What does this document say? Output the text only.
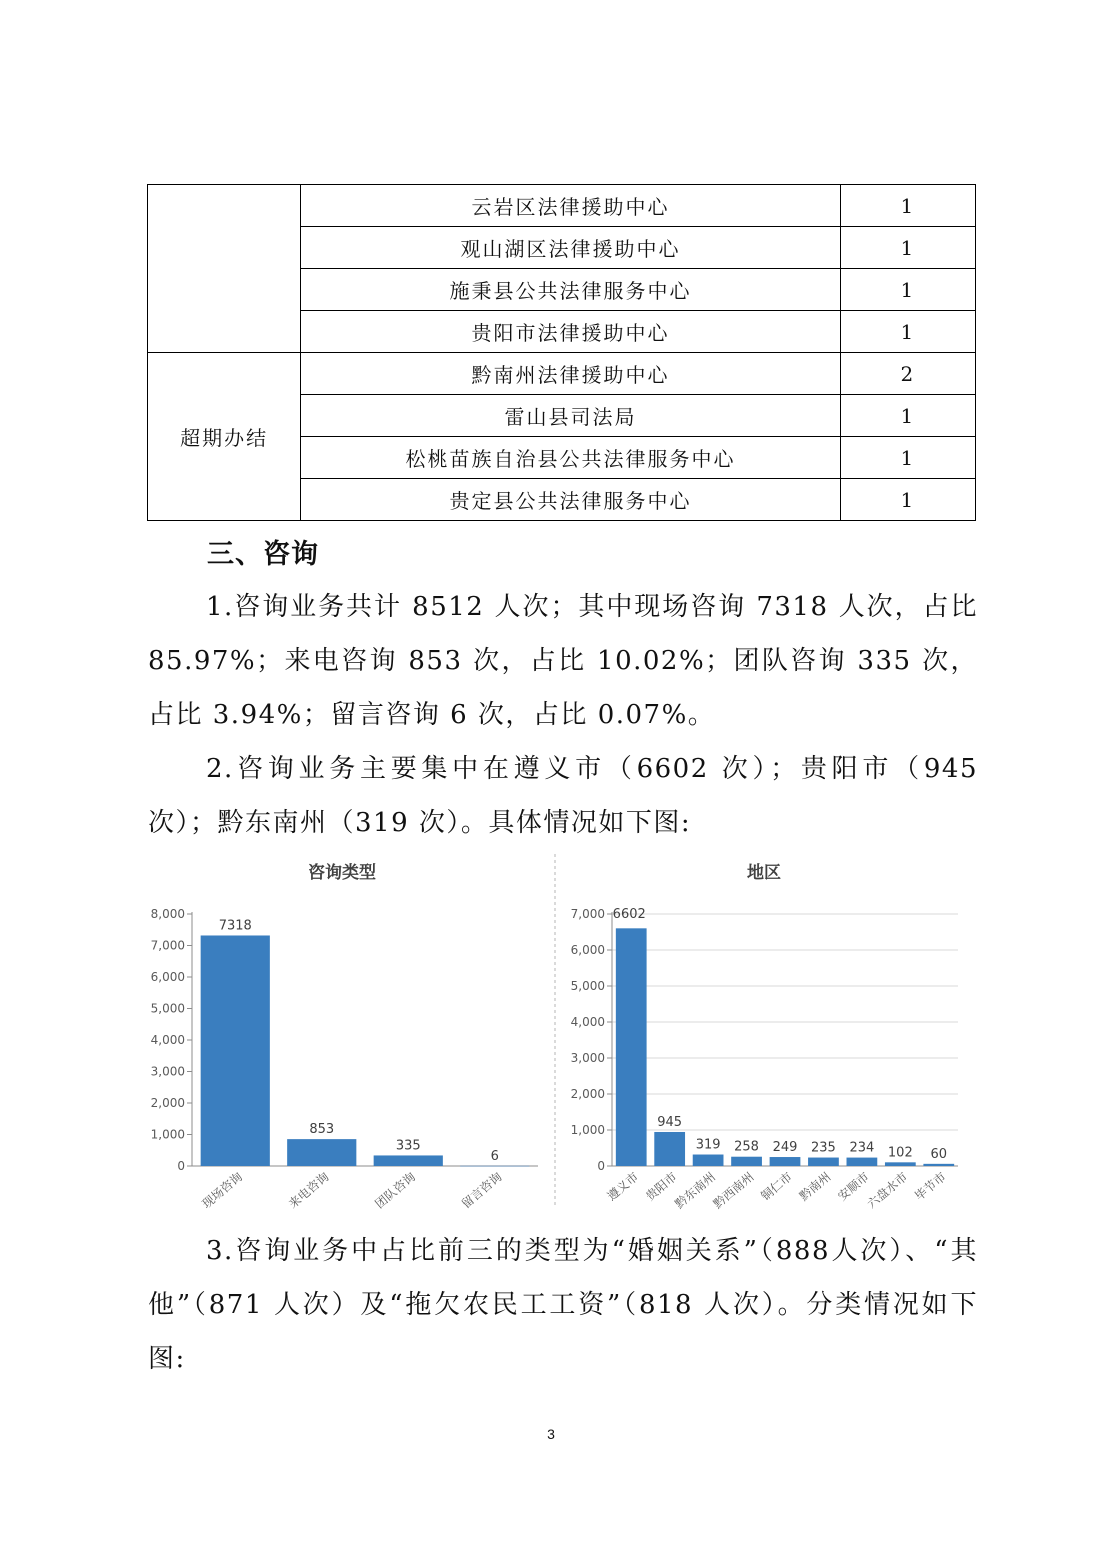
	云岩区法律援助中心	1
	观山湖区法律援助中心	1
	施秉县公共法律服务中心	1
	贵阳市法律援助中心	1
超期办结	黔南州法律援助中心	2
	雷山县司法局	1
	松桃苗族自治县公共法律服务中心	1
	贵定县公共法律服务中心	1
三、咨询

1.咨询业务共计 8512 人次；其中现场咨询 7318 人次，占比 85.97%；来电咨询 853 次，占比 10.02%；团队咨询 335 次，占比 3.94%；留言咨询 6 次，占比 0.07%。

2.咨询业务主要集中在遵义市（6602 次）；贵阳市（945 次）；黔东南州（319 次）。具体情况如下图:

咨询类型
0
1,000
2,000
3,000
4,000
5,000
6,000
7,000
8,000
7318
现场咨询
853
来电咨询
335
团队咨询
6
留言咨询
地区
0
1,000
2,000
3,000
4,000
5,000
6,000
7,000 6602
遵义市
945
贵阳市
319
黔东南州
258
黔西南州
249
铜仁市
235
黔南州
234
安顺市
102
六盘水市
60
毕节市

3.咨询业务中占比前三的类型为“婚姻关系”（888人次）、“其他”（871 人次）及“拖欠农民工工资”（818 人次）。分类情况如下图:

3
